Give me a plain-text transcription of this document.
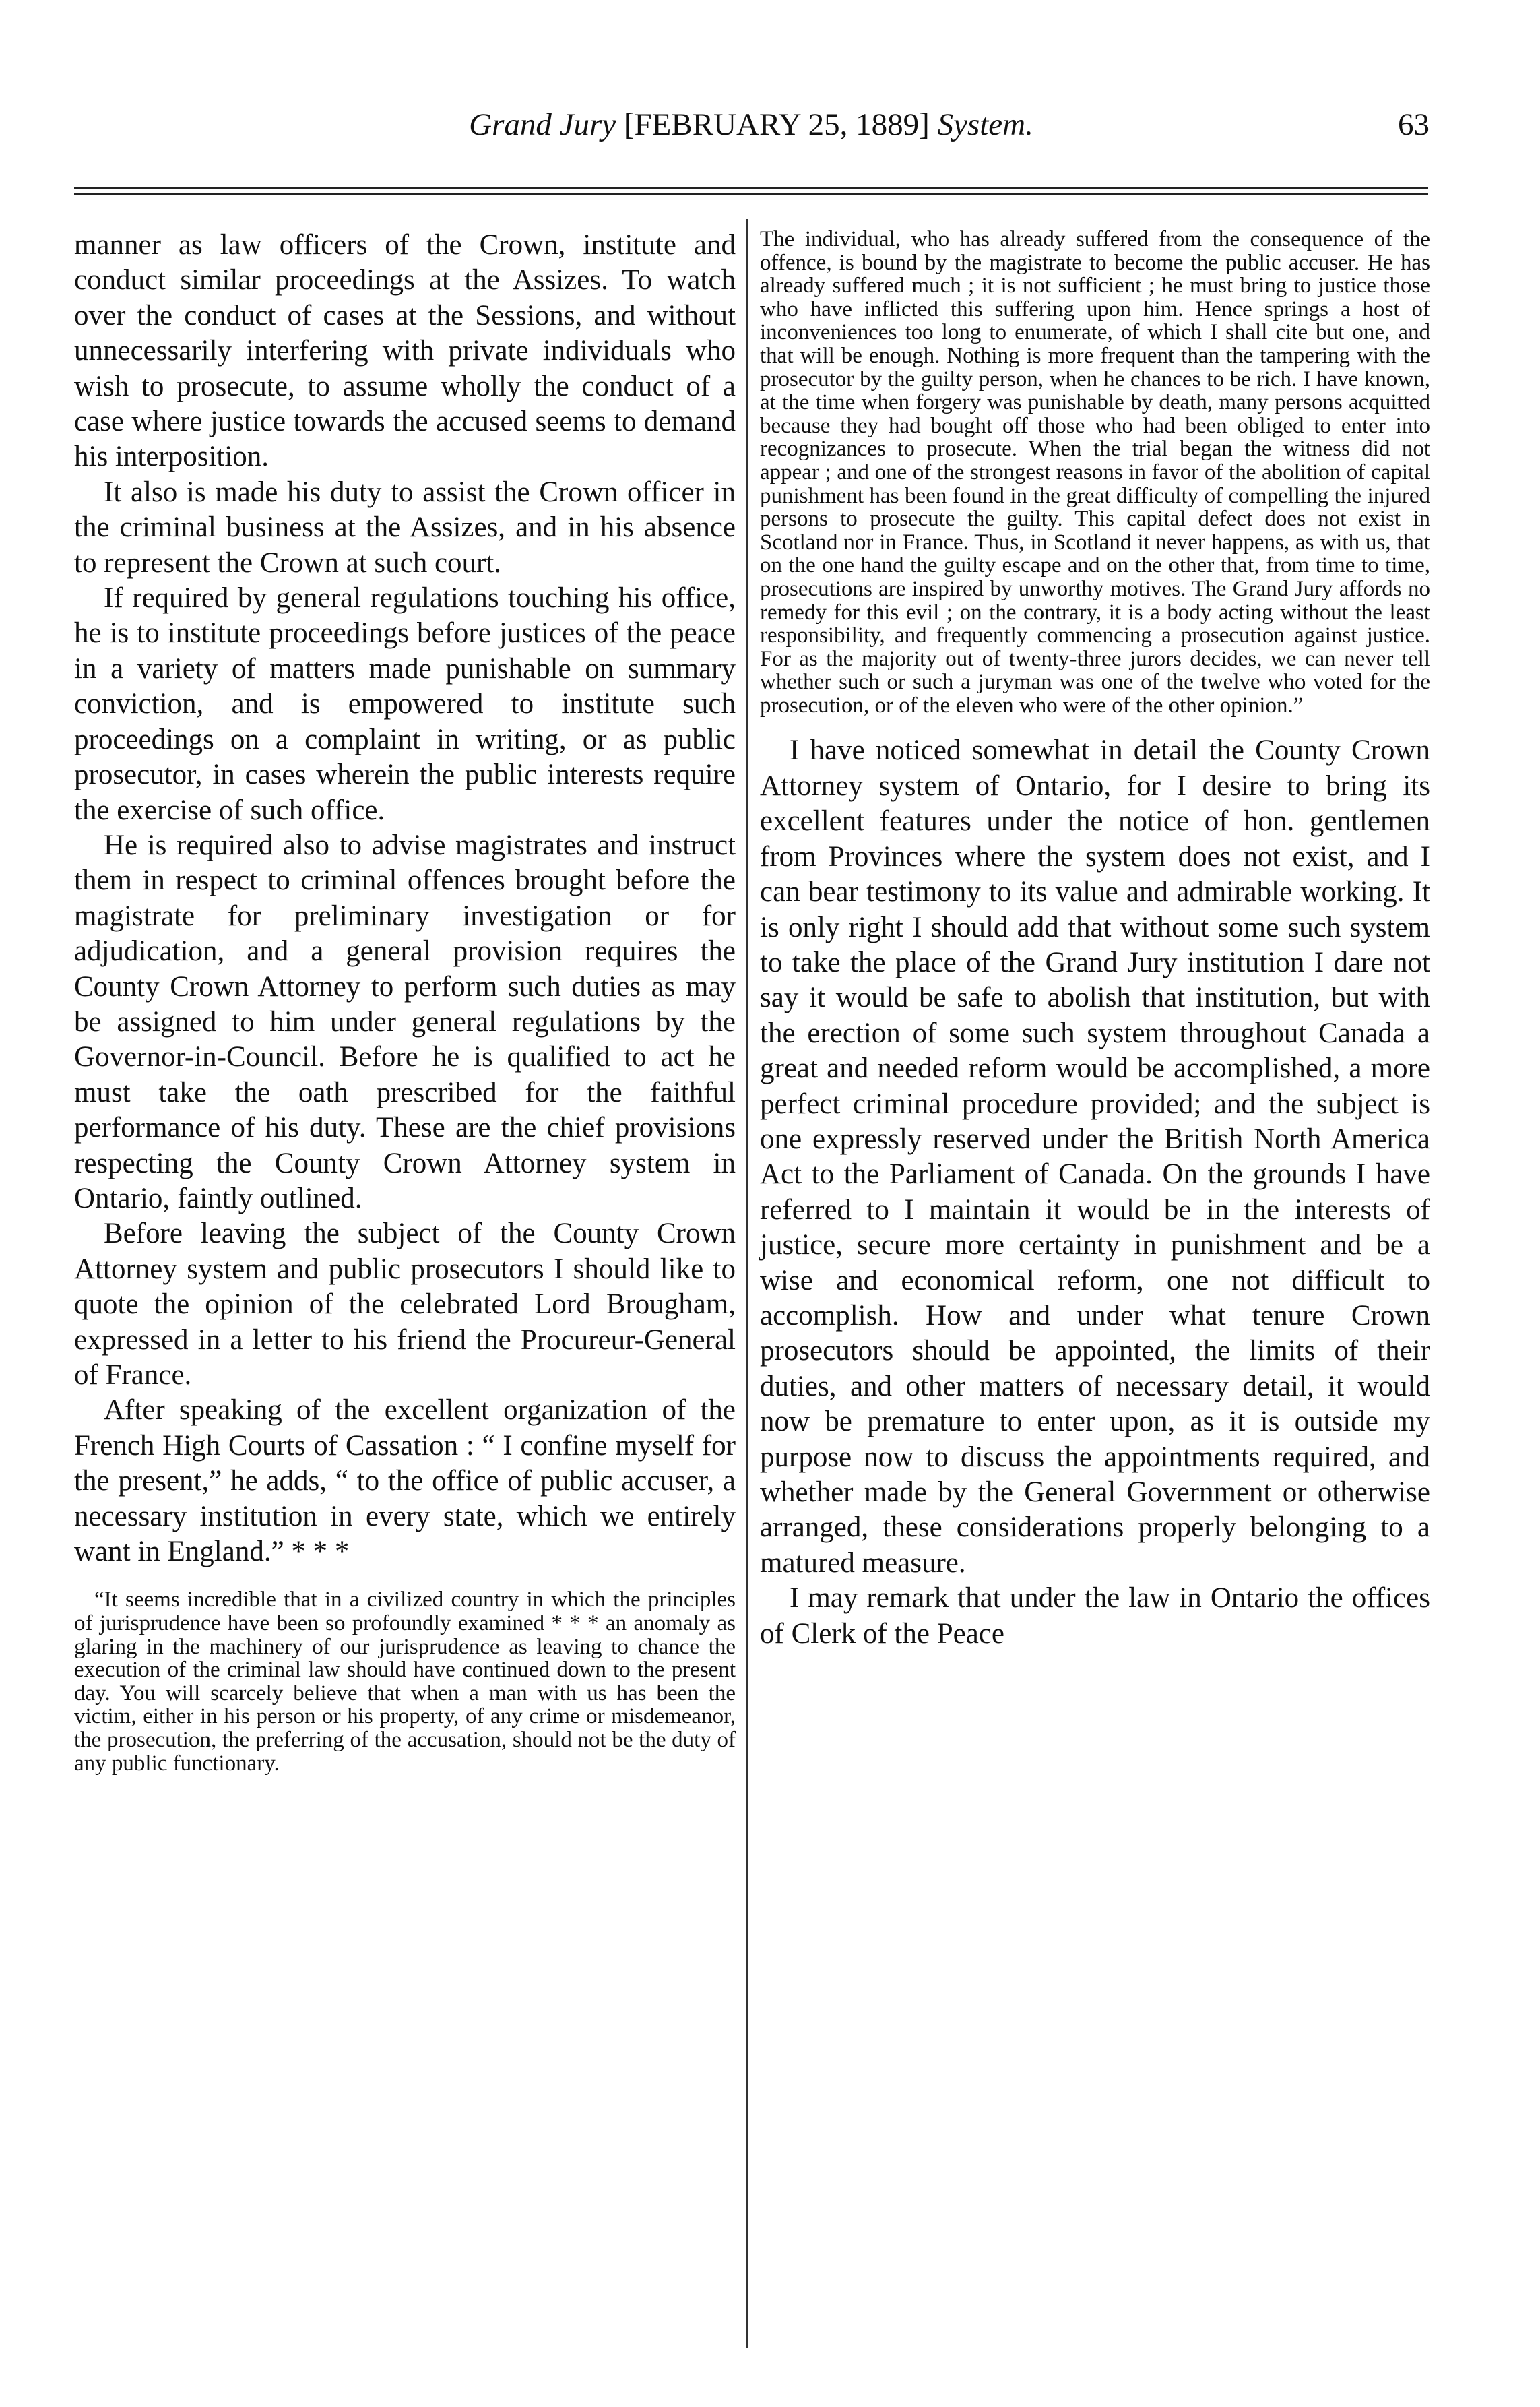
Grand Jury [FEBRUARY 25, 1889] System.	63

manner as law officers of the Crown, institute and conduct similar proceedings at the Assizes. To watch over the conduct of cases at the Sessions, and without unnecessarily interfering with private individuals who wish to prosecute, to assume wholly the conduct of a case where justice towards the accused seems to demand his interposition.

It also is made his duty to assist the Crown officer in the criminal business at the Assizes, and in his absence to represent the Crown at such court.

If required by general regulations touching his office, he is to institute proceedings before justices of the peace in a variety of matters made punishable on summary conviction, and is empowered to institute such proceedings on a complaint in writing, or as public prosecutor, in cases wherein the public interests require the exercise of such office.

He is required also to advise magistrates and instruct them in respect to criminal offences brought before the magistrate for preliminary investigation or for adjudication, and a general provision requires the County Crown Attorney to perform such duties as may be assigned to him under general regulations by the Governor-in-Council. Before he is qualified to act he must take the oath prescribed for the faithful performance of his duty. These are the chief provisions respecting the County Crown Attorney system in Ontario, faintly outlined.

Before leaving the subject of the County Crown Attorney system and public prosecutors I should like to quote the opinion of the celebrated Lord Brougham, expressed in a letter to his friend the Procureur-General of France.

After speaking of the excellent organization of the French High Courts of Cassation : “ I confine myself for the present,” he adds, “ to the office of public accuser, a necessary institution in every state, which we entirely want in England.” * * *

“It seems incredible that in a civilized country in which the principles of jurisprudence have been so profoundly examined * * * an anomaly as glaring in the machinery of our jurisprudence as leaving to chance the execution of the criminal law should have continued down to the present day. You will scarcely believe that when a man with us has been the victim, either in his person or his property, of any crime or misdemeanor, the prosecution, the preferring of the accusation, should not be the duty of any public functionary.

The individual, who has already suffered from the consequence of the offence, is bound by the magistrate to become the public accuser. He has already suffered much ; it is not sufficient ; he must bring to justice those who have inflicted this suffering upon him. Hence springs a host of inconveniences too long to enumerate, of which I shall cite but one, and that will be enough. Nothing is more frequent than the tampering with the prosecutor by the guilty person, when he chances to be rich. I have known, at the time when forgery was punishable by death, many persons acquitted because they had bought off those who had been obliged to enter into recognizances to prosecute. When the trial began the witness did not appear ; and one of the strongest reasons in favor of the abolition of capital punishment has been found in the great difficulty of compelling the injured persons to prosecute the guilty. This capital defect does not exist in Scotland nor in France. Thus, in Scotland it never happens, as with us, that on the one hand the guilty escape and on the other that, from time to time, prosecutions are inspired by unworthy motives. The Grand Jury affords no remedy for this evil ; on the contrary, it is a body acting without the least responsibility, and frequently commencing a prosecution against justice. For as the majority out of twenty-three jurors decides, we can never tell whether such or such a juryman was one of the twelve who voted for the prosecution, or of the eleven who were of the other opinion.”

I have noticed somewhat in detail the County Crown Attorney system of Ontario, for I desire to bring its excellent features under the notice of hon. gentlemen from Provinces where the system does not exist, and I can bear testimony to its value and admirable working. It is only right I should add that without some such system to take the place of the Grand Jury institution I dare not say it would be safe to abolish that institution, but with the erection of some such system throughout Canada a great and needed reform would be accomplished, a more perfect criminal procedure provided; and the subject is one expressly reserved under the British North America Act to the Parliament of Canada. On the grounds I have referred to I maintain it would be in the interests of justice, secure more certainty in punishment and be a wise and economical reform, one not difficult to accomplish. How and under what tenure Crown prosecutors should be appointed, the limits of their duties, and other matters of necessary detail, it would now be premature to enter upon, as it is outside my purpose now to discuss the appointments required, and whether made by the General Government or otherwise arranged, these considerations properly belonging to a matured measure.

I may remark that under the law in Ontario the offices of Clerk of the Peace
